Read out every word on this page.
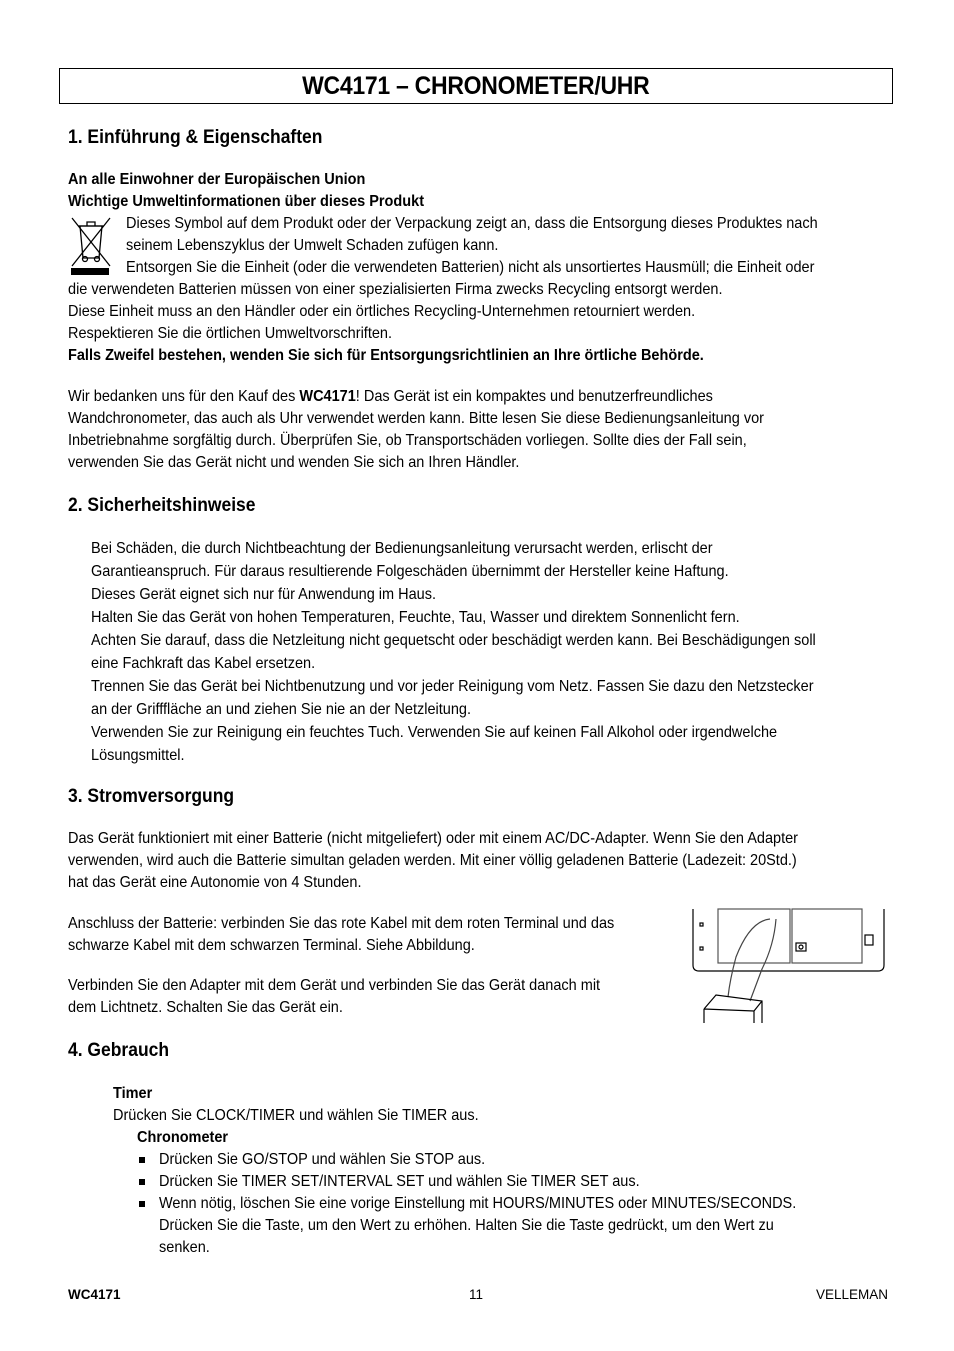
WC4171 – CHRONOMETER/UHR
1. Einführung & Eigenschaften
An alle Einwohner der Europäischen Union
Wichtige Umweltinformationen über dieses Produkt
Dieses Symbol auf dem Produkt oder der Verpackung zeigt an, dass die Entsorgung dieses Produktes nach
seinem Lebenszyklus der Umwelt Schaden zufügen kann.
Entsorgen Sie die Einheit (oder die verwendeten Batterien) nicht als unsortiertes Hausmüll; die Einheit oder
die verwendeten Batterien müssen von einer spezialisierten Firma zwecks Recycling entsorgt werden.
Diese Einheit muss an den Händler oder ein örtliches Recycling-Unternehmen retourniert werden.
Respektieren Sie die örtlichen Umweltvorschriften.
Falls Zweifel bestehen, wenden Sie sich für Entsorgungsrichtlinien an Ihre örtliche Behörde.
Wir bedanken uns für den Kauf des WC4171! Das Gerät ist ein kompaktes und benutzerfreundliches
Wandchronometer, das auch als Uhr verwendet werden kann. Bitte lesen Sie diese Bedienungsanleitung vor
Inbetriebnahme sorgfältig durch. Überprüfen Sie, ob Transportschäden vorliegen. Sollte dies der Fall sein,
verwenden Sie das Gerät nicht und wenden Sie sich an Ihren Händler.
2. Sicherheitshinweise
Bei Schäden, die durch Nichtbeachtung der Bedienungsanleitung verursacht werden, erlischt der
Garantieanspruch. Für daraus resultierende Folgeschäden übernimmt der Hersteller keine Haftung.
Dieses Gerät eignet sich nur für Anwendung im Haus.
Halten Sie das Gerät von hohen Temperaturen, Feuchte, Tau, Wasser und direktem Sonnenlicht fern.
Achten Sie darauf, dass die Netzleitung nicht gequetscht oder beschädigt werden kann. Bei Beschädigungen soll
eine Fachkraft das Kabel ersetzen.
Trennen Sie das Gerät bei Nichtbenutzung und vor jeder Reinigung vom Netz. Fassen Sie dazu den Netzstecker
an der Grifffläche an und ziehen Sie nie an der Netzleitung.
Verwenden Sie zur Reinigung ein feuchtes Tuch. Verwenden Sie auf keinen Fall Alkohol oder irgendwelche
Lösungsmittel.
3. Stromversorgung
Das Gerät funktioniert mit einer Batterie (nicht mitgeliefert) oder mit einem AC/DC-Adapter. Wenn Sie den Adapter
verwenden, wird auch die Batterie simultan geladen werden. Mit einer völlig geladenen Batterie (Ladezeit: 20Std.)
hat das Gerät eine Autonomie von 4 Stunden.
Anschluss der Batterie: verbinden Sie das rote Kabel mit dem roten Terminal und das
schwarze Kabel mit dem schwarzen Terminal. Siehe Abbildung.
Verbinden Sie den Adapter mit dem Gerät und verbinden Sie das Gerät danach mit
dem Lichtnetz. Schalten Sie das Gerät ein.
4. Gebrauch
Timer
Drücken Sie CLOCK/TIMER und wählen Sie TIMER aus.
Chronometer
Drücken Sie GO/STOP und wählen Sie STOP aus.
Drücken Sie TIMER SET/INTERVAL SET und wählen Sie TIMER SET aus.
Wenn nötig, löschen Sie eine vorige Einstellung mit HOURS/MINUTES oder MINUTES/SECONDS.
Drücken Sie die Taste, um den Wert zu erhöhen. Halten Sie die Taste gedrückt, um den Wert zu
senken.
WC4171	11	VELLEMAN
